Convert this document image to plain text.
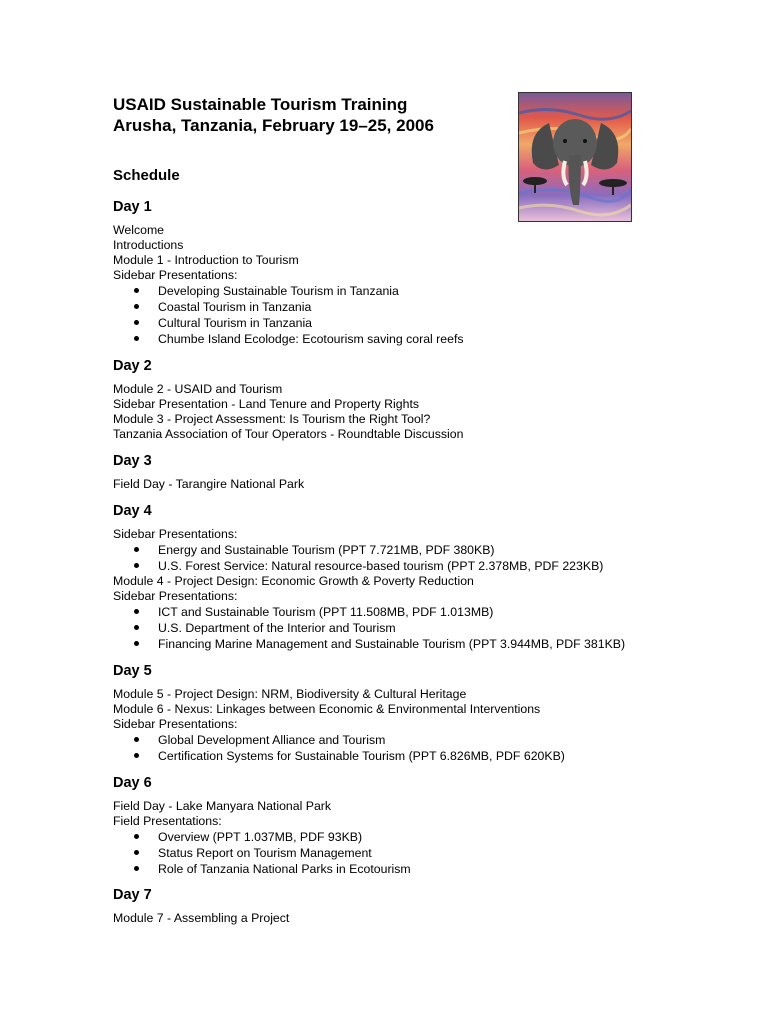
USAID Sustainable Tourism Training
Arusha, Tanzania, February 19–25, 2006
Schedule
Day 1
Welcome
Introductions
Module 1 - Introduction to Tourism
Sidebar Presentations:
Developing Sustainable Tourism in Tanzania
Coastal Tourism in Tanzania
Cultural Tourism in Tanzania
Chumbe Island Ecolodge: Ecotourism saving coral reefs
Day 2
Module 2 - USAID and Tourism
Sidebar Presentation - Land Tenure and Property Rights
Module 3 - Project Assessment: Is Tourism the Right Tool?
Tanzania Association of Tour Operators - Roundtable Discussion
Day 3
Field Day - Tarangire National Park
Day 4
Sidebar Presentations:
Energy and Sustainable Tourism (PPT 7.721MB, PDF 380KB)
U.S. Forest Service: Natural resource-based tourism (PPT 2.378MB, PDF 223KB)
Module 4 - Project Design: Economic Growth & Poverty Reduction
Sidebar Presentations:
ICT and Sustainable Tourism (PPT 11.508MB, PDF 1.013MB)
U.S. Department of the Interior and Tourism
Financing Marine Management and Sustainable Tourism (PPT 3.944MB, PDF 381KB)
Day 5
Module 5 - Project Design: NRM, Biodiversity & Cultural Heritage
Module 6 - Nexus: Linkages between Economic & Environmental Interventions
Sidebar Presentations:
Global Development Alliance and Tourism
Certification Systems for Sustainable Tourism (PPT 6.826MB, PDF 620KB)
Day 6
Field Day - Lake Manyara National Park
Field Presentations:
Overview (PPT 1.037MB, PDF 93KB)
Status Report on Tourism Management
Role of Tanzania National Parks in Ecotourism
Day 7
Module 7 - Assembling a Project
